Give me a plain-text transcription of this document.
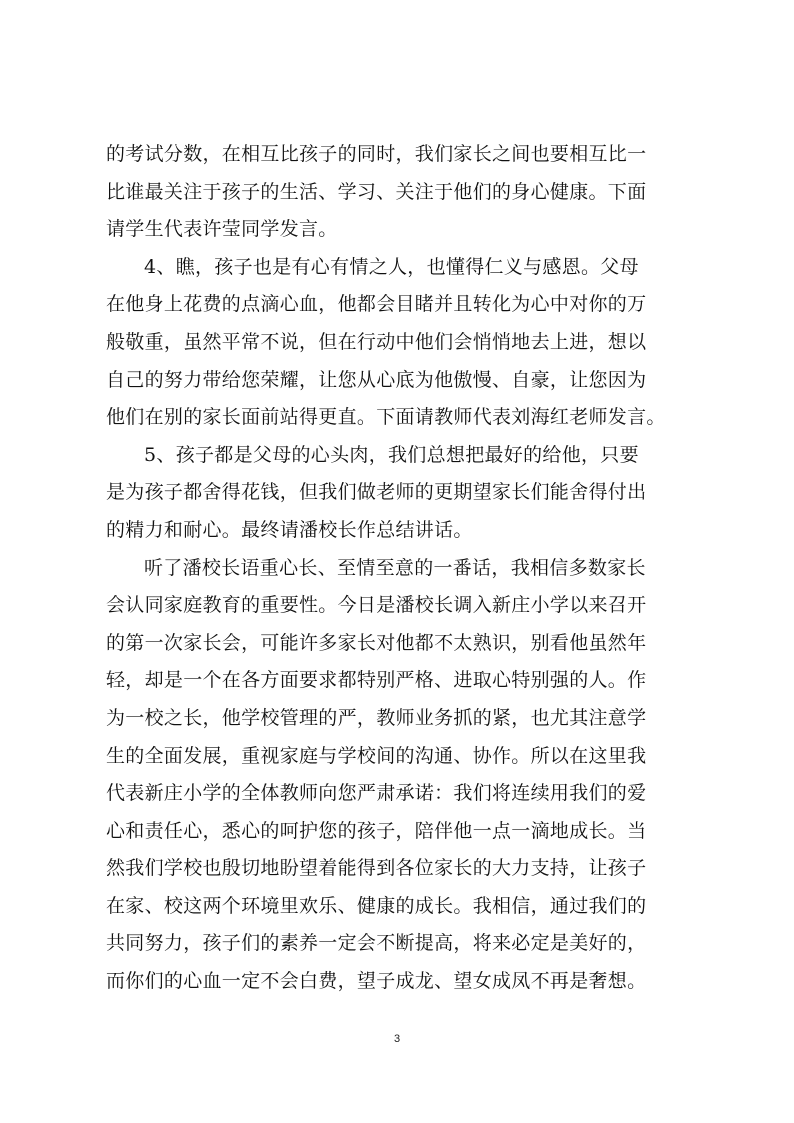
的考试分数，在相互比孩子的同时，我们家长之间也要相互比一
比谁最关注于孩子的生活、学习、关注于他们的身心健康。下面
请学生代表许莹同学发言。
4、瞧，孩子也是有心有情之人，也懂得仁义与感恩。父母
在他身上花费的点滴心血，他都会目睹并且转化为心中对你的万
般敬重，虽然平常不说，但在行动中他们会悄悄地去上进，想以
自己的努力带给您荣耀，让您从心底为他傲慢、自豪，让您因为
他们在别的家长面前站得更直。下面请教师代表刘海红老师发言。
5、孩子都是父母的心头肉，我们总想把最好的给他，只要
是为孩子都舍得花钱，但我们做老师的更期望家长们能舍得付出
的精力和耐心。最终请潘校长作总结讲话。
听了潘校长语重心长、至情至意的一番话，我相信多数家长
会认同家庭教育的重要性。今日是潘校长调入新庄小学以来召开
的第一次家长会，可能许多家长对他都不太熟识，别看他虽然年
轻，却是一个在各方面要求都特别严格、进取心特别强的人。作
为一校之长，他学校管理的严，教师业务抓的紧，也尤其注意学
生的全面发展，重视家庭与学校间的沟通、协作。所以在这里我
代表新庄小学的全体教师向您严肃承诺：我们将连续用我们的爱
心和责任心，悉心的呵护您的孩子，陪伴他一点一滴地成长。当
然我们学校也殷切地盼望着能得到各位家长的大力支持，让孩子
在家、校这两个环境里欢乐、健康的成长。我相信，通过我们的
共同努力，孩子们的素养一定会不断提高，将来必定是美好的，
而你们的心血一定不会白费，望子成龙、望女成凤不再是奢想。
3
